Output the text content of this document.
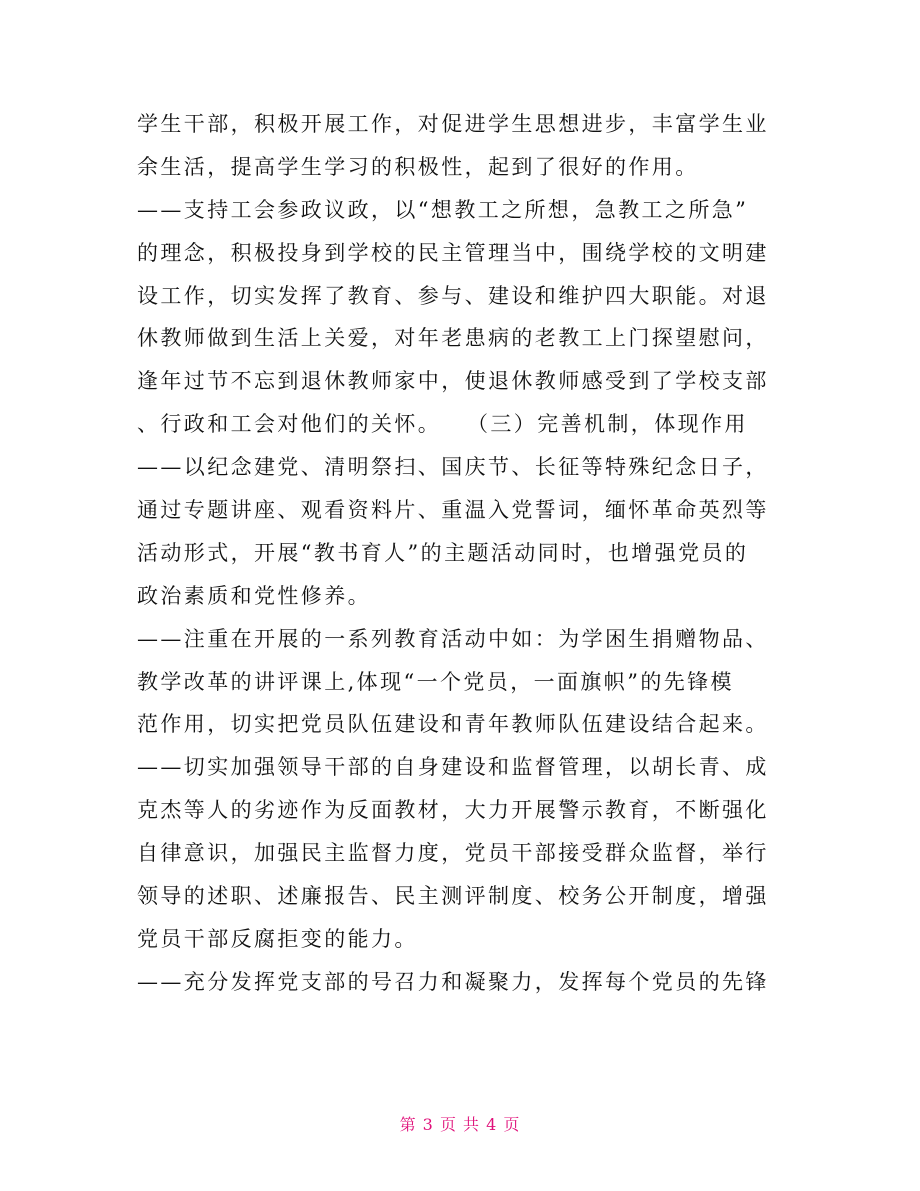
学生干部，积极开展工作，对促进学生思想进步，丰富学生业
余生活，提高学生学习的积极性，起到了很好的作用。
——支持工会参政议政，以“想教工之所想，急教工之所急”
的理念，积极投身到学校的民主管理当中，围绕学校的文明建
设工作，切实发挥了教育、参与、建设和维护四大职能。对退
休教师做到生活上关爱，对年老患病的老教工上门探望慰问，
逢年过节不忘到退休教师家中，使退休教师感受到了学校支部
、行政和工会对他们的关怀。　　（三）完善机制，体现作用
——以纪念建党、清明祭扫、国庆节、长征等特殊纪念日子，
通过专题讲座、观看资料片、重温入党誓词，缅怀革命英烈等
活动形式，开展“教书育人”的主题活动同时，也增强党员的
政治素质和党性修养。
——注重在开展的一系列教育活动中如：为学困生捐赠物品、
教学改革的讲评课上,体现“一个党员，一面旗帜”的先锋模
范作用，切实把党员队伍建设和青年教师队伍建设结合起来。
——切实加强领导干部的自身建设和监督管理，以胡长青、成
克杰等人的劣迹作为反面教材，大力开展警示教育，不断强化
自律意识，加强民主监督力度，党员干部接受群众监督，举行
领导的述职、述廉报告、民主测评制度、校务公开制度，增强
党员干部反腐拒变的能力。
——充分发挥党支部的号召力和凝聚力，发挥每个党员的先锋
第 3 页 共 4 页
